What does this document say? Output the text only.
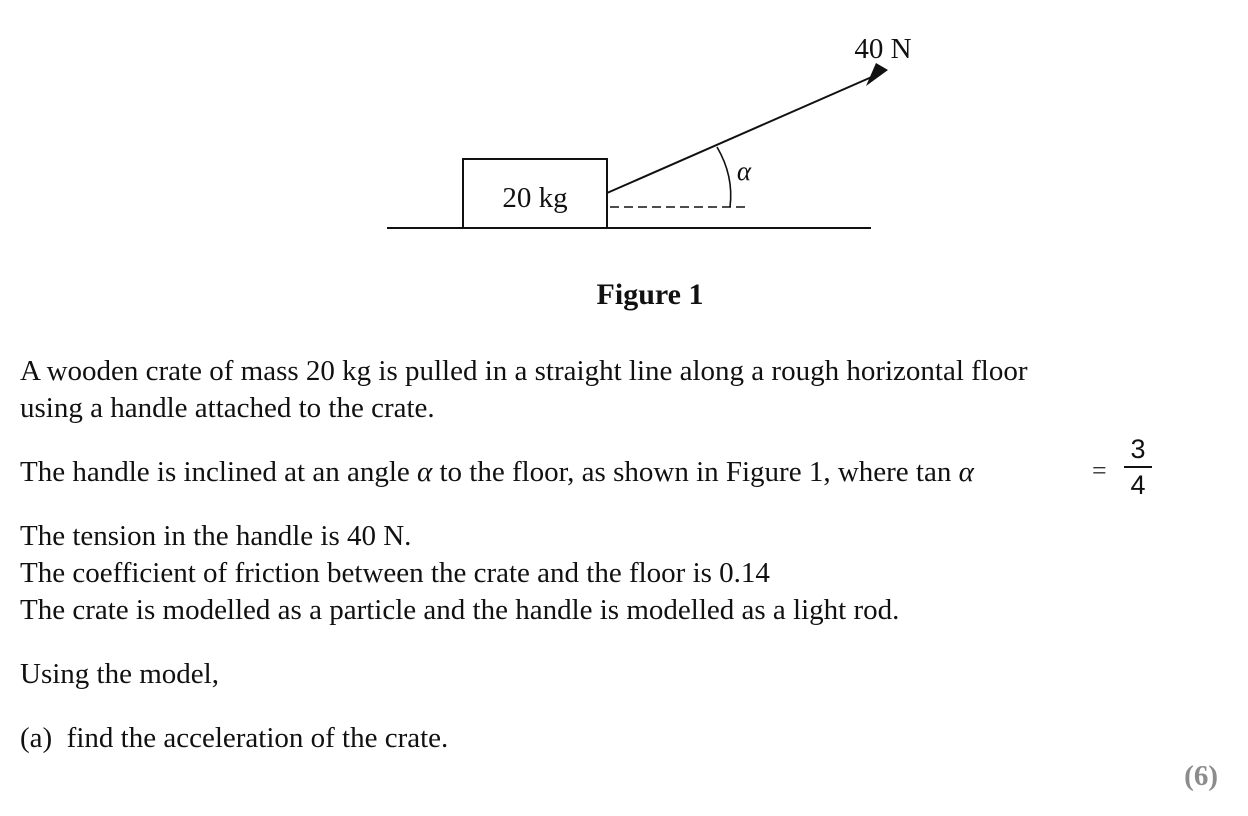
20 kg
α
40 N
Figure 1
A wooden crate of mass 20 kg is pulled in a straight line along a rough horizontal floor
using a handle attached to the crate.
The handle is inclined at an angle α to the floor, as shown in Figure 1, where tan α	=
3
4
The tension in the handle is 40 N.
The coefficient of friction between the crate and the floor is 0.14
The crate is modelled as a particle and the handle is modelled as a light rod.
Using the model,
(a)  find the acceleration of the crate.
(6)
